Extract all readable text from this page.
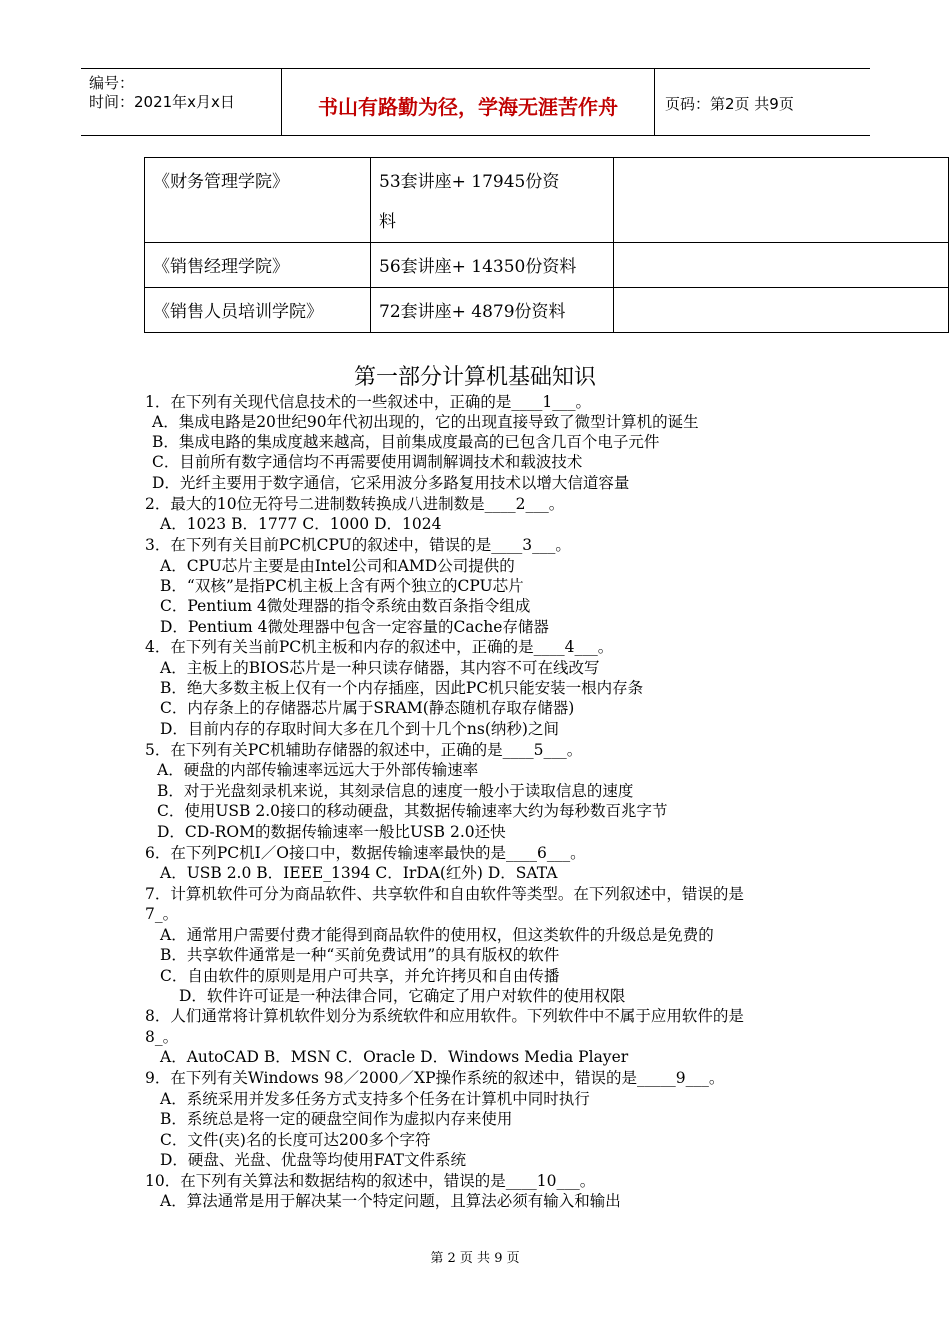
编号：
时间：2021年x月x日	书山有路勤为径，学海无涯苦作舟	页码：第2页 共9页
《财务管理学院》	53套讲座+ 17945份资
料	

《销售经理学院》	56套讲座+ 14350份资料	
《销售人员培训学院》	72套讲座+ 4879份资料	
第一部分计算机基础知识
1．在下列有关现代信息技术的一些叙述中，正确的是____1___。
A．集成电路是20世纪90年代初出现的，它的出现直接导致了微型计算机的诞生
B．集成电路的集成度越来越高，目前集成度最高的已包含几百个电子元件
C．目前所有数字通信均不再需要使用调制解调技术和载波技术
D．光纤主要用于数字通信，它采用波分多路复用技术以增大信道容量
2．最大的10位无符号二进制数转换成八进制数是____2___。
A．1023 B．1777 C．1000 D．1024
3．在下列有关目前PC机CPU的叙述中，错误的是____3___。
A．CPU芯片主要是由Intel公司和AMD公司提供的
B．“双核”是指PC机主板上含有两个独立的CPU芯片
C．Pentium 4微处理器的指令系统由数百条指令组成
D．Pentium 4微处理器中包含一定容量的Cache存储器
4．在下列有关当前PC机主板和内存的叙述中，正确的是____4___。
A．主板上的BIOS芯片是一种只读存储器，其内容不可在线改写
B．绝大多数主板上仅有一个内存插座，因此PC机只能安装一根内存条
C．内存条上的存储器芯片属于SRAM(静态随机存取存储器)
D．目前内存的存取时间大多在几个到十几个ns(纳秒)之间
5．在下列有关PC机辅助存储器的叙述中，正确的是____5___。
A．硬盘的内部传输速率远远大于外部传输速率
B．对于光盘刻录机来说，其刻录信息的速度一般小于读取信息的速度
C．使用USB 2.0接口的移动硬盘，其数据传输速率大约为每秒数百兆字节
D．CD-ROM的数据传输速率一般比USB 2.0还快
6．在下列PC机I／O接口中，数据传输速率最快的是____6___。
A．USB 2.0 B．IEEE_1394 C．IrDA(红外) D．SATA
7．计算机软件可分为商品软件、共享软件和自由软件等类型。在下列叙述中，错误的是
7_。
A．通常用户需要付费才能得到商品软件的使用权，但这类软件的升级总是免费的
B．共享软件通常是一种“买前免费试用”的具有版权的软件
C．自由软件的原则是用户可共享，并允许拷贝和自由传播
D．软件许可证是一种法律合同，它确定了用户对软件的使用权限
8．人们通常将计算机软件划分为系统软件和应用软件。下列软件中不属于应用软件的是
8_。
A．AutoCAD B．MSN C．Oracle D．Windows Media Player
9．在下列有关Windows 98／2000／XP操作系统的叙述中，错误的是_____9___。
A．系统采用并发多任务方式支持多个任务在计算机中同时执行
B．系统总是将一定的硬盘空间作为虚拟内存来使用
C．文件(夹)名的长度可达200多个字符
D．硬盘、光盘、优盘等均使用FAT文件系统
10．在下列有关算法和数据结构的叙述中，错误的是____10___。
A．算法通常是用于解决某一个特定问题，且算法必须有输入和输出
第 2 页 共 9 页
